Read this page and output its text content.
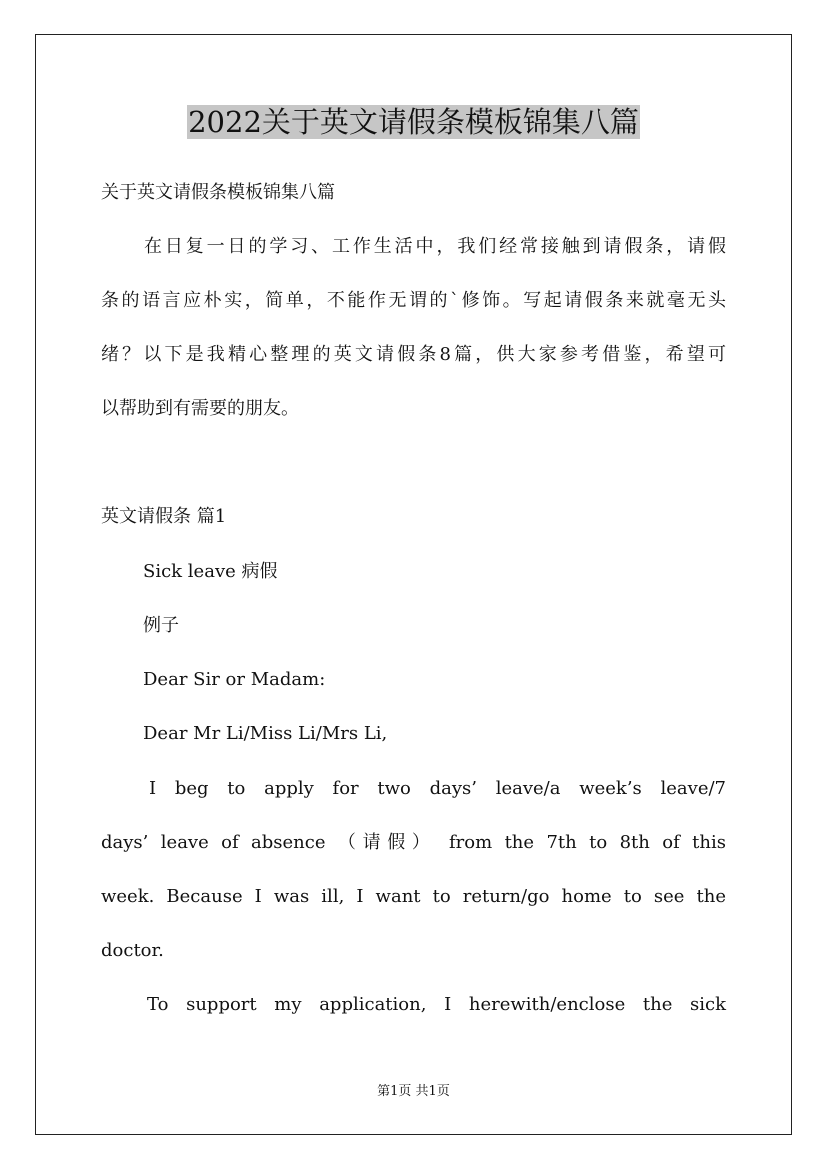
2022关于英文请假条模板锦集八篇
关于英文请假条模板锦集八篇
在日复一日的学习、工作生活中，我们经常接触到请假条，请假
条的语言应朴实，简单，不能作无谓的`修饰。写起请假条来就毫无头
绪？以下是我精心整理的英文请假条8篇，供大家参考借鉴，希望可
以帮助到有需要的朋友。
英文请假条 篇1
Sick leave 病假
例子
Dear Sir or Madam:
Dear Mr Li/Miss Li/Mrs Li,
I beg to apply for two days’ leave/a week’s leave/7
days’ leave of absence （请假） from the 7th to 8th of this
week. Because I was ill, I want to return/go home to see the
doctor.
To support my application, I herewith/enclose the sick
第1页 共1页
